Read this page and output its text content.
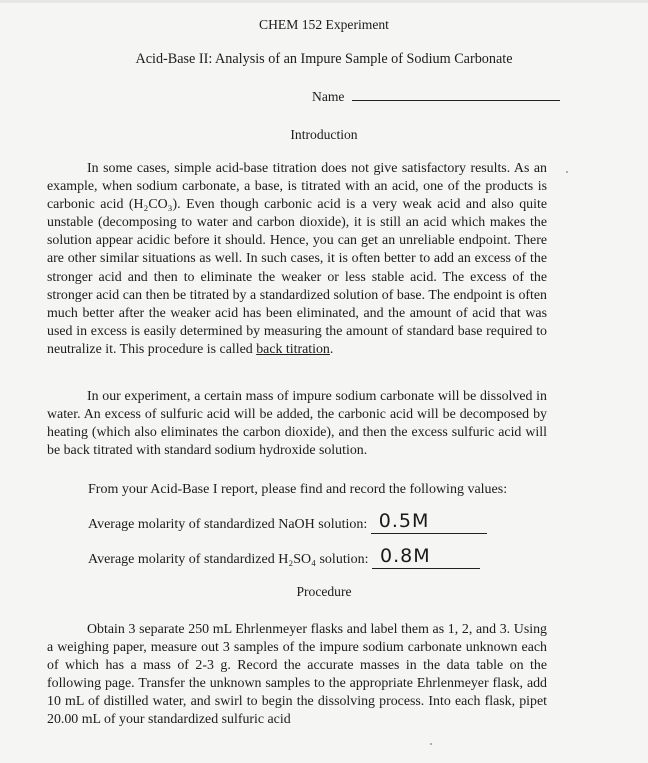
CHEM 152 Experiment
Acid-Base II: Analysis of an Impure Sample of Sodium Carbonate
Name
Introduction
In some cases, simple acid-base titration does not give satisfactory results. As an example, when sodium carbonate, a base, is titrated with an acid, one of the products is carbonic acid (H₂CO₃). Even though carbonic acid is a very weak acid and also quite unstable (decomposing to water and carbon dioxide), it is still an acid which makes the solution appear acidic before it should. Hence, you can get an unreliable endpoint. There are other similar situations as well. In such cases, it is often better to add an excess of the stronger acid and then to eliminate the weaker or less stable acid. The excess of the stronger acid can then be titrated by a standardized solution of base. The endpoint is often much better after the weaker acid has been eliminated, and the amount of acid that was used in excess is easily determined by measuring the amount of standard base required to neutralize it. This procedure is called back titration.
In our experiment, a certain mass of impure sodium carbonate will be dissolved in water. An excess of sulfuric acid will be added, the carbonic acid will be decomposed by heating (which also eliminates the carbon dioxide), and then the excess sulfuric acid will be back titrated with standard sodium hydroxide solution.
From your Acid-Base I report, please find and record the following values:
Average molarity of standardized NaOH solution: 0.5M
Average molarity of standardized H₂SO₄ solution: 0.8M
Procedure
Obtain 3 separate 250 mL Ehrlenmeyer flasks and label them as 1, 2, and 3. Using a weighing paper, measure out 3 samples of the impure sodium carbonate unknown each of which has a mass of 2-3 g. Record the accurate masses in the data table on the following page. Transfer the unknown samples to the appropriate Ehrlenmeyer flask, add 10 mL of distilled water, and swirl to begin the dissolving process. Into each flask, pipet 20.00 mL of your standardized sulfuric acid
